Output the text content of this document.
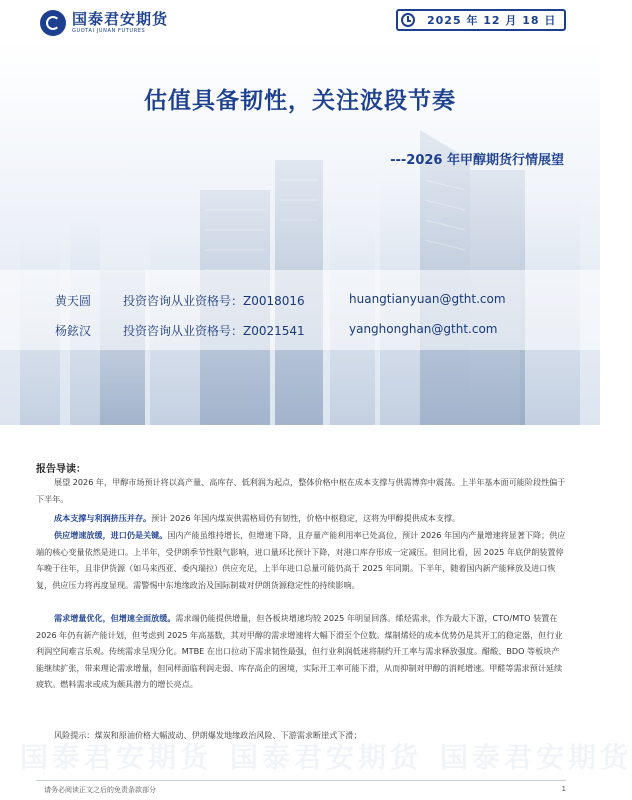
国泰君安期货
GUOTAI JUNAN FUTURES
2025 年 12 月 18 日
估值具备韧性，关注波段节奏
---2026 年甲醇期货行情展望
黄天圆	投资咨询从业资格号：Z0018016	huangtianyuan@gtht.com
杨鉉汉	投资咨询从业资格号：Z0021541	yanghonghan@gtht.com
报告导读：

展望 2026 年，甲醇市场预计将以高产量、高库存、低利润为起点，整体价格中枢在成本支撑与供需博弈中震荡。上半年基本面可能阶段性偏于下半年。

成本支撑与利润挤压并存。预计 2026 年国内煤炭供需格局仍有韧性，价格中枢稳定，这将为甲醇提供成本支撑。

供应增速放缓，进口仍是关键。国内产能虽维持增长，但增速下降，且存量产能利用率已处高位，预计 2026 年国内产量增速将显著下降；供应端的核心变量依然是进口。上半年，受伊朗季节性限气影响，进口量环比预计下降，对港口库存形成一定减压。但同比看，因 2025 年底伊朗装置停车晚于往年，且非伊货源（如马来西亚、委内瑞拉）供应充足，上半年进口总量可能仍高于 2025 年同期。下半年，随着国内新产能释放及进口恢复，供应压力将再度显现。需警惕中东地缘政治及国际制裁对伊朗货源稳定性的持续影响。

需求增量优化，但增速全面放缓。需求端仍能提供增量，但各板块增速均较 2025 年明显回落。烯烃需求，作为最大下游，CTO/MTO 装置在 2026 年仍有新产能计划，但考虑到 2025 年高基数，其对甲醇的需求增速将大幅下滑至个位数。煤制烯烃的成本优势仍是其开工的稳定器，但行业利润空间难言乐观。传统需求呈现分化。MTBE 在出口拉动下需求韧性最强，但行业利润低迷将制约开工率与需求释放强度。醋酸、BDO 等板块产能继续扩张，带来理论需求增量，但同样面临利润走弱、库存高企的困境，实际开工率可能下滑，从而抑制对甲醇的消耗增速。甲醛等需求预计延续疲软。燃料需求或成为颇具潜力的增长亮点。

风险提示：煤炭和原油价格大幅波动、伊朗爆发地缘政治风险、下游需求断崖式下滑；

国泰君安期货 国泰君安期货 国泰君安期货
请务必阅读正文之后的免责条款部分	1
